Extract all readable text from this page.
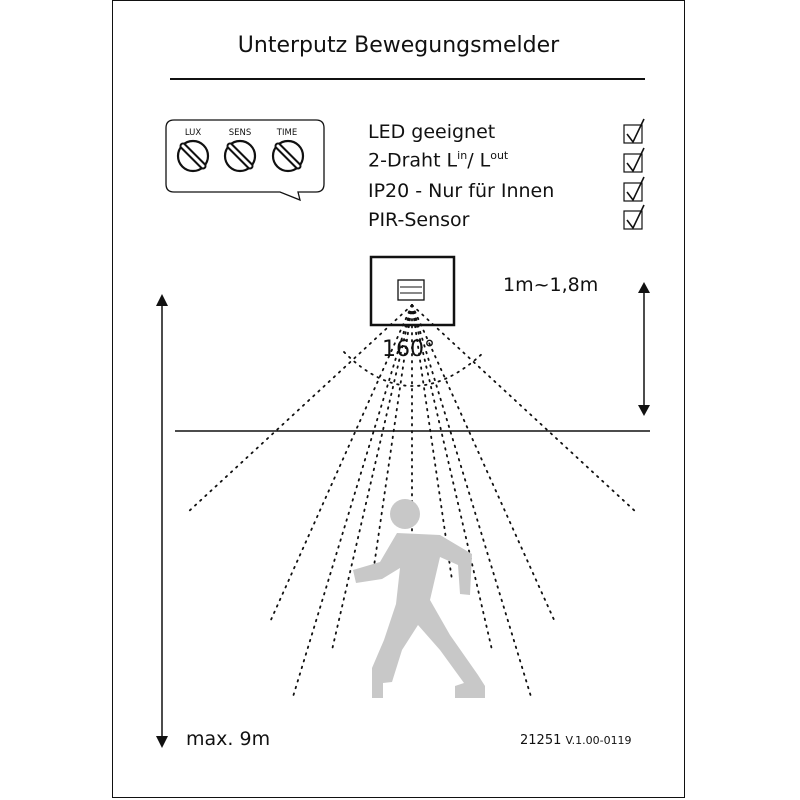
Unterputz Bewegungsmelder
LUX	SENS	TIME	LED geeignet
2-Draht $L^{in}/$ $L^{out}$
IP20 - Nur für Innen
PIR-Sensor
1m~1,8m
160°
max. 9m	21251 V.1.00-0119
